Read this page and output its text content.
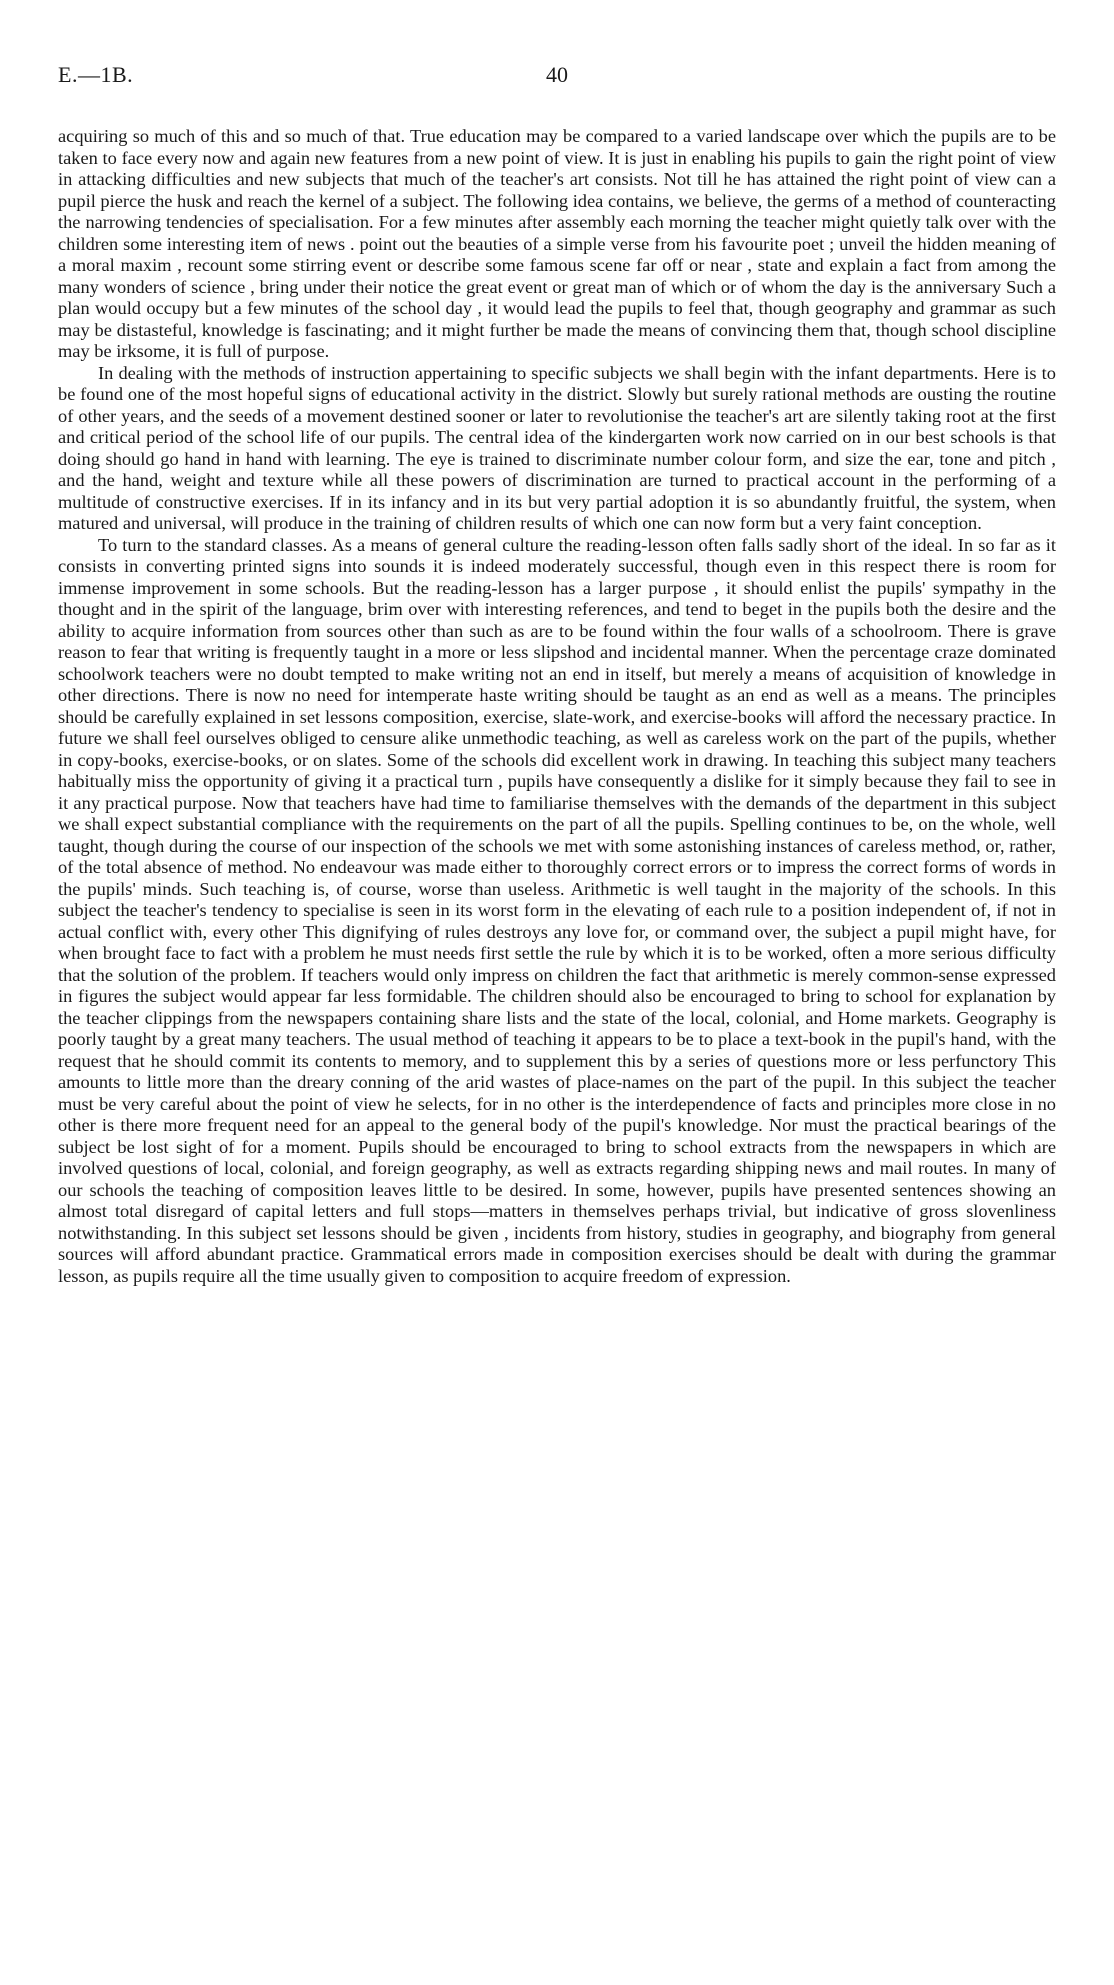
E.—1B.	40

acquiring so much of this and so much of that. True education may be compared to a varied landscape over which the pupils are to be taken to face every now and again new features from a new point of view. It is just in enabling his pupils to gain the right point of view in attacking difficulties and new subjects that much of the teacher's art consists. Not till he has attained the right point of view can a pupil pierce the husk and reach the kernel of a subject. The following idea contains, we believe, the germs of a method of counteracting the narrowing tendencies of specialisation. For a few minutes after assembly each morning the teacher might quietly talk over with the children some interesting item of news . point out the beauties of a simple verse from his favourite poet ; unveil the hidden meaning of a moral maxim , recount some stirring event or describe some famous scene far off or near , state and explain a fact from among the many wonders of science , bring under their notice the great event or great man of which or of whom the day is the anniversary Such a plan would occupy but a few minutes of the school day , it would lead the pupils to feel that, though geography and grammar as such may be distasteful, knowledge is fascinating; and it might further be made the means of convincing them that, though school discipline may be irksome, it is full of purpose.

In dealing with the methods of instruction appertaining to specific subjects we shall begin with the infant departments. Here is to be found one of the most hopeful signs of educational activity in the district. Slowly but surely rational methods are ousting the routine of other years, and the seeds of a movement destined sooner or later to revolutionise the teacher's art are silently taking root at the first and critical period of the school life of our pupils. The central idea of the kindergarten work now carried on in our best schools is that doing should go hand in hand with learning. The eye is trained to discriminate number colour form, and size the ear, tone and pitch , and the hand, weight and texture while all these powers of discrimination are turned to practical account in the performing of a multitude of constructive exercises. If in its infancy and in its but very partial adoption it is so abundantly fruitful, the system, when matured and universal, will produce in the training of children results of which one can now form but a very faint conception.

To turn to the standard classes. As a means of general culture the reading-lesson often falls sadly short of the ideal. In so far as it consists in converting printed signs into sounds it is indeed moderately successful, though even in this respect there is room for immense improvement in some schools. But the reading-lesson has a larger purpose , it should enlist the pupils' sympathy in the thought and in the spirit of the language, brim over with interesting references, and tend to beget in the pupils both the desire and the ability to acquire information from sources other than such as are to be found within the four walls of a schoolroom. There is grave reason to fear that writing is frequently taught in a more or less slipshod and incidental manner. When the percentage craze dominated schoolwork teachers were no doubt tempted to make writing not an end in itself, but merely a means of acquisition of knowledge in other directions. There is now no need for intemperate haste writing should be taught as an end as well as a means. The principles should be carefully explained in set lessons composition, exercise, slate-work, and exercise-books will afford the necessary practice. In future we shall feel ourselves obliged to censure alike unmethodic teaching, as well as careless work on the part of the pupils, whether in copy-books, exercise-books, or on slates. Some of the schools did excellent work in drawing. In teaching this subject many teachers habitually miss the opportunity of giving it a practical turn , pupils have consequently a dislike for it simply because they fail to see in it any practical purpose. Now that teachers have had time to familiarise themselves with the demands of the department in this subject we shall expect substantial compliance with the requirements on the part of all the pupils. Spelling continues to be, on the whole, well taught, though during the course of our inspection of the schools we met with some astonishing instances of careless method, or, rather, of the total absence of method. No endeavour was made either to thoroughly correct errors or to impress the correct forms of words in the pupils' minds. Such teaching is, of course, worse than useless. Arithmetic is well taught in the majority of the schools. In this subject the teacher's tendency to specialise is seen in its worst form in the elevating of each rule to a position independent of, if not in actual conflict with, every other This dignifying of rules destroys any love for, or command over, the subject a pupil might have, for when brought face to fact with a problem he must needs first settle the rule by which it is to be worked, often a more serious difficulty that the solution of the problem. If teachers would only impress on children the fact that arithmetic is merely common-sense expressed in figures the subject would appear far less formidable. The children should also be encouraged to bring to school for explanation by the teacher clippings from the newspapers containing share lists and the state of the local, colonial, and Home markets. Geography is poorly taught by a great many teachers. The usual method of teaching it appears to be to place a text-book in the pupil's hand, with the request that he should commit its contents to memory, and to supplement this by a series of questions more or less perfunctory This amounts to little more than the dreary conning of the arid wastes of place-names on the part of the pupil. In this subject the teacher must be very careful about the point of view he selects, for in no other is the interdependence of facts and principles more close in no other is there more frequent need for an appeal to the general body of the pupil's knowledge. Nor must the practical bearings of the subject be lost sight of for a moment. Pupils should be encouraged to bring to school extracts from the newspapers in which are involved questions of local, colonial, and foreign geography, as well as extracts regarding shipping news and mail routes. In many of our schools the teaching of composition leaves little to be desired. In some, however, pupils have presented sentences showing an almost total disregard of capital letters and full stops—matters in themselves perhaps trivial, but indicative of gross slovenliness notwithstanding. In this subject set lessons should be given , incidents from history, studies in geography, and biography from general sources will afford abundant practice. Grammatical errors made in composition exercises should be dealt with during the grammar lesson, as pupils require all the time usually given to composition to acquire freedom of expression.
